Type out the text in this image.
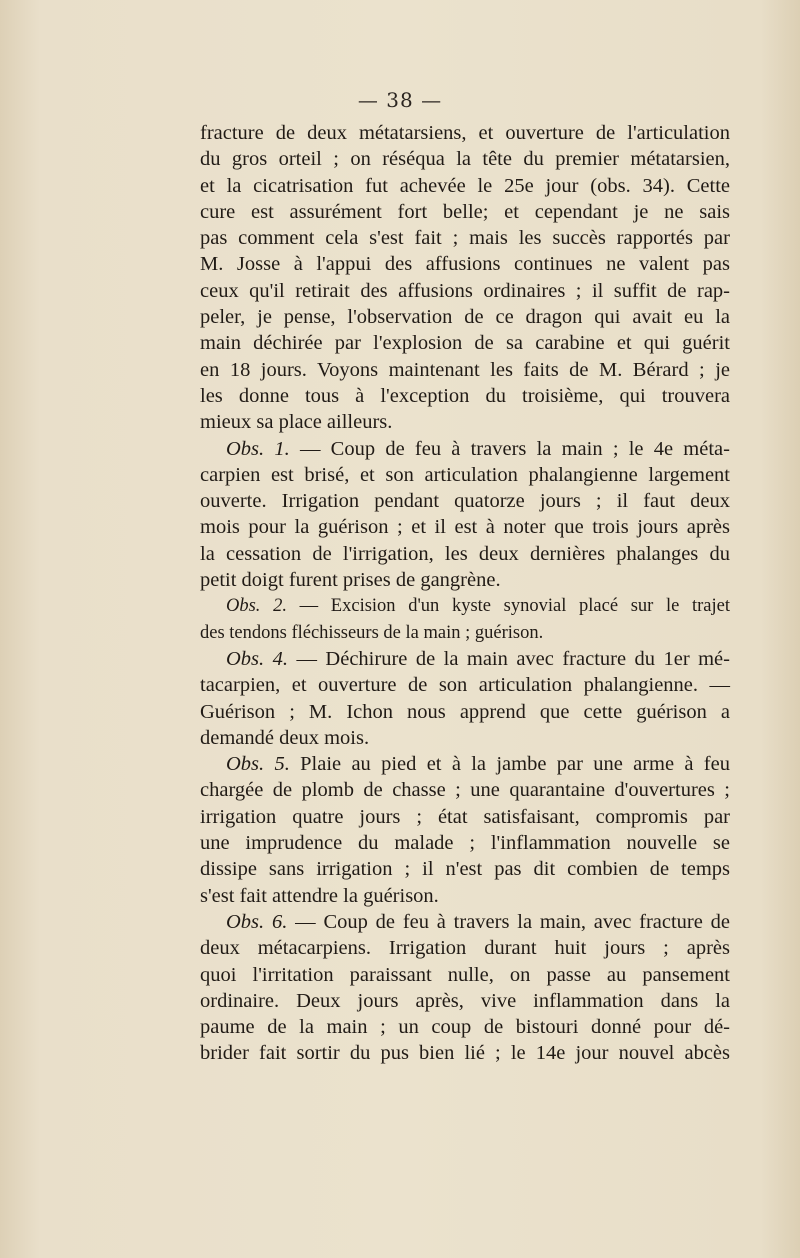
— 38 —
fracture de deux métatarsiens, et ouverture de l'articulation
du gros orteil ; on réséqua la tête du premier métatarsien,
et la cicatrisation fut achevée le 25e jour (obs. 34). Cette
cure est assurément fort belle; et cependant je ne sais
pas comment cela s'est fait ; mais les succès rapportés par
M. Josse à l'appui des affusions continues ne valent pas
ceux qu'il retirait des affusions ordinaires ; il suffit de rap-
peler, je pense, l'observation de ce dragon qui avait eu la
main déchirée par l'explosion de sa carabine et qui guérit
en 18 jours. Voyons maintenant les faits de M. Bérard ; je
les donne tous à l'exception du troisième, qui trouvera
mieux sa place ailleurs.
Obs. 1. — Coup de feu à travers la main ; le 4e méta-
carpien est brisé, et son articulation phalangienne largement
ouverte. Irrigation pendant quatorze jours ; il faut deux
mois pour la guérison ; et il est à noter que trois jours après
la cessation de l'irrigation, les deux dernières phalanges du
petit doigt furent prises de gangrène.
Obs. 2. — Excision d'un kyste synovial placé sur le trajet
des tendons fléchisseurs de la main ; guérison.
Obs. 4. — Déchirure de la main avec fracture du 1er mé-
tacarpien, et ouverture de son articulation phalangienne. —
Guérison ; M. Ichon nous apprend que cette guérison a
demandé deux mois.
Obs. 5. Plaie au pied et à la jambe par une arme à feu
chargée de plomb de chasse ; une quarantaine d'ouvertures ;
irrigation quatre jours ; état satisfaisant, compromis par
une imprudence du malade ; l'inflammation nouvelle se
dissipe sans irrigation ; il n'est pas dit combien de temps
s'est fait attendre la guérison.
Obs. 6. — Coup de feu à travers la main, avec fracture de
deux métacarpiens. Irrigation durant huit jours ; après
quoi l'irritation paraissant nulle, on passe au pansement
ordinaire. Deux jours après, vive inflammation dans la
paume de la main ; un coup de bistouri donné pour dé-
brider fait sortir du pus bien lié ; le 14e jour nouvel abcès
